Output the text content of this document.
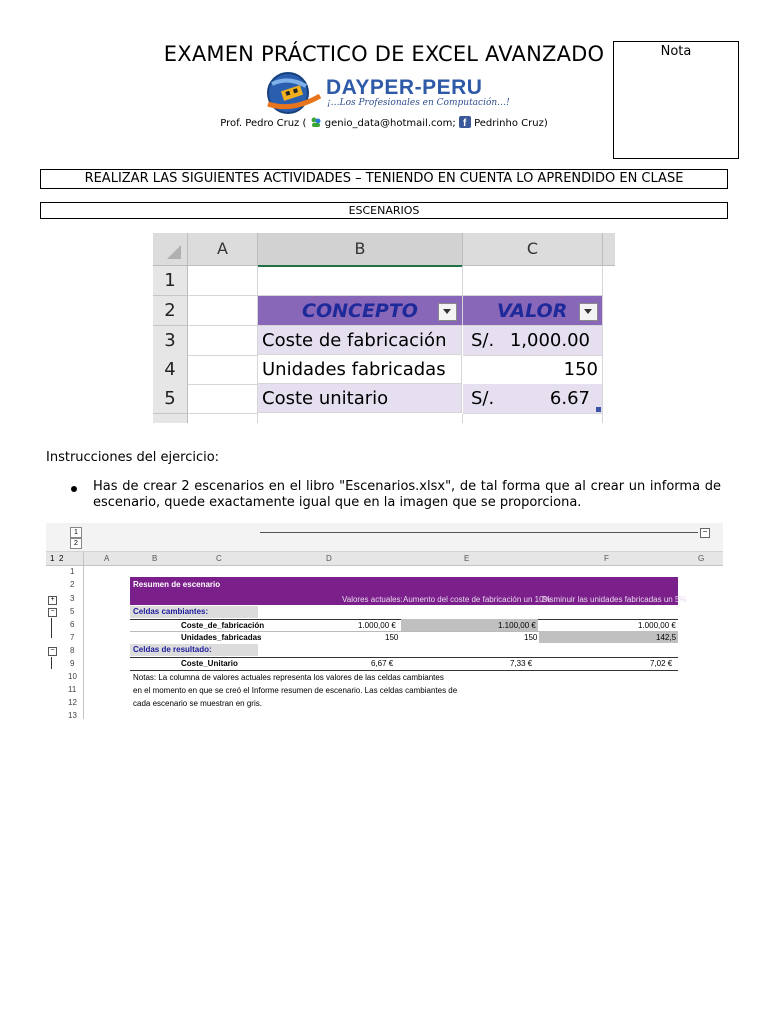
EXAMEN PRÁCTICO DE EXCEL AVANZADO	Nota
DAYPER-PERU
¡…Los Profesionales en Computación…!
Prof. Pedro Cruz ( genio_data@hotmail.com; f Pedrinho Cruz)
REALIZAR LAS SIGUIENTES ACTIVIDADES – TENIENDO EN CUENTA LO APRENDIDO EN CLASE
ESCENARIOS
A	B	C
1
2
3
4
5
CONCEPTO	VALOR
Coste de fabricación	S/. 1,000.00
Unidades fabricadas	150
Coste unitario	S/.	6.67
Instrucciones del ejercicio:
Has de crear 2 escenarios en el libro "Escenarios.xlsx", de tal forma que al crear un informa de escenario, quede exactamente igual que en la imagen que se proporciona.
1
2
−
1 2	A	B	C	D	E	F	G
+
−
−
1
2
3
5
6
7
8
9
10
11
12
13
Resumen de escenario
Valores actuales: Aumento del coste de fabricación un 10%
Disminuir las unidades fabricadas un 5%
Celdas cambiantes:
Coste_de_fabricación	1.000,00 €	1.100,00 €	1.000,00 €
Unidades_fabricadas	150	150	142,5
Celdas de resultado:
Coste_Unitario	6,67 €	7,33 €	7,02 €
Notas: La columna de valores actuales representa los valores de las celdas cambiantes
en el momento en que se creó el Informe resumen de escenario. Las celdas cambiantes de
cada escenario se muestran en gris.
